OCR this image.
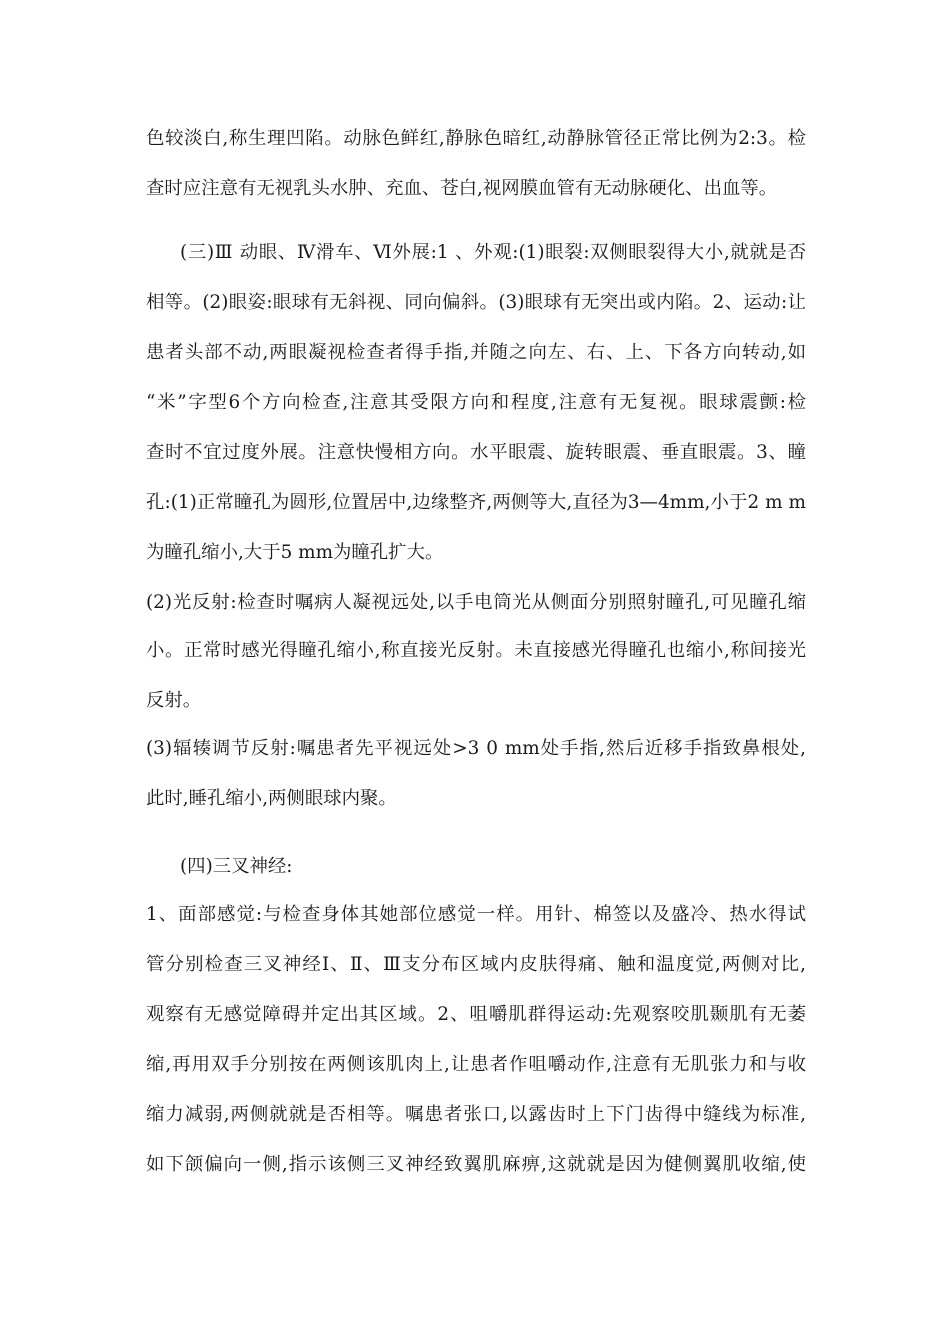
色较淡白,称生理凹陷。动脉色鲜红,静脉色暗红,动静脉管径正常比例为2:3。检
查时应注意有无视乳头水肿、充血、苍白,视网膜血管有无动脉硬化、出血等。
(三)Ⅲ 动眼、Ⅳ滑车、Ⅵ外展:1 、外观:(1)眼裂:双侧眼裂得大小,就就是否
相等。(2)眼姿:眼球有无斜视、同向偏斜。(3)眼球有无突出或内陷。2、运动:让
患者头部不动,两眼凝视检查者得手指,并随之向左、右、上、下各方向转动,如
“米”字型6个方向检查,注意其受限方向和程度,注意有无复视。眼球震颤:检
查时不宜过度外展。注意快慢相方向。水平眼震、旋转眼震、垂直眼震。3、瞳
孔:(1)正常瞳孔为圆形,位置居中,边缘整齐,两侧等大,直径为3—4mm,小于2 m m
为瞳孔缩小,大于5 mm为瞳孔扩大。
(2)光反射:检查时嘱病人凝视远处,以手电筒光从侧面分别照射瞳孔,可见瞳孔缩
小。正常时感光得瞳孔缩小,称直接光反射。未直接感光得瞳孔也缩小,称间接光
反射。
(3)辐辏调节反射:嘱患者先平视远处>3 0 mm处手指,然后近移手指致鼻根处,
此时,睡孔缩小,两侧眼球内聚。
(四)三叉神经:
1、面部感觉:与检查身体其她部位感觉一样。用针、棉签以及盛冷、热水得试
管分别检查三叉神经Ⅰ、Ⅱ、Ⅲ支分布区域内皮肤得痛、触和温度觉,两侧对比,
观察有无感觉障碍并定出其区域。2、咀嚼肌群得运动:先观察咬肌颞肌有无萎
缩,再用双手分别按在两侧该肌肉上,让患者作咀嚼动作,注意有无肌张力和与收
缩力减弱,两侧就就是否相等。嘱患者张口,以露齿时上下门齿得中缝线为标准,
如下颌偏向一侧,指示该侧三叉神经致翼肌麻痹,这就就是因为健侧翼肌收缩,使
